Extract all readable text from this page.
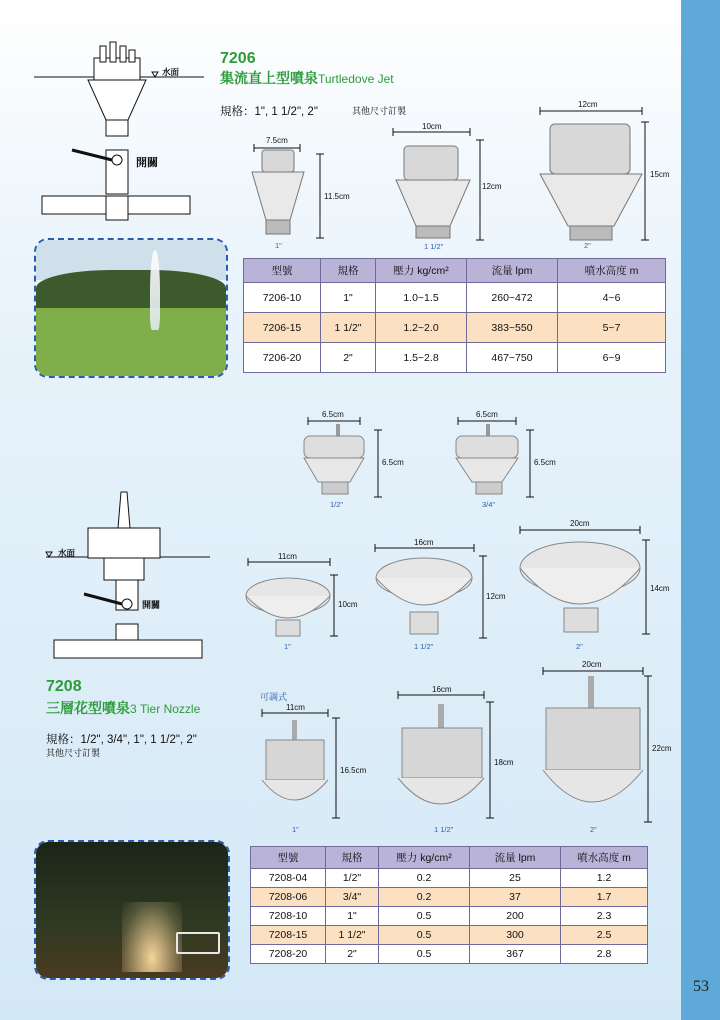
53
水面
開關
7206
集流直上型噴泉Turtledove Jet
規格：1", 1 1/2", 2"	其他尺寸訂製
7.5cm
11.5cm
1"
10cm
12cm
1 1/2"
12cm
15cm
2"
型號	規格	壓力 kg/cm²	流量 lpm	噴水高度 m
7206-10	1"	1.0~1.5	260~472	4~6
7206-15	1 1/2"	1.2~2.0	383~550	5~7
7206-20	2"	1.5~2.8	467~750	6~9
6.5cm
6.5cm
1/2"
6.5cm
6.5cm
3/4"
水面
開關
11cm
10cm
1"
16cm
12cm
1 1/2"
20cm
14cm
2"
7208
三層花型噴泉3 Tier Nozzle
規格：1/2", 3/4", 1", 1 1/2", 2"
其他尺寸訂製
可調式
11cm
16.5cm
1"
16cm
18cm
1 1/2"
20cm
22cm
2"
型號	規格	壓力 kg/cm²	流量 lpm	噴水高度 m
7208-04	1/2"	0.2	25	1.2
7208-06	3/4"	0.2	37	1.7
7208-10	1"	0.5	200	2.3
7208-15	1 1/2"	0.5	300	2.5
7208-20	2"	0.5	367	2.8
